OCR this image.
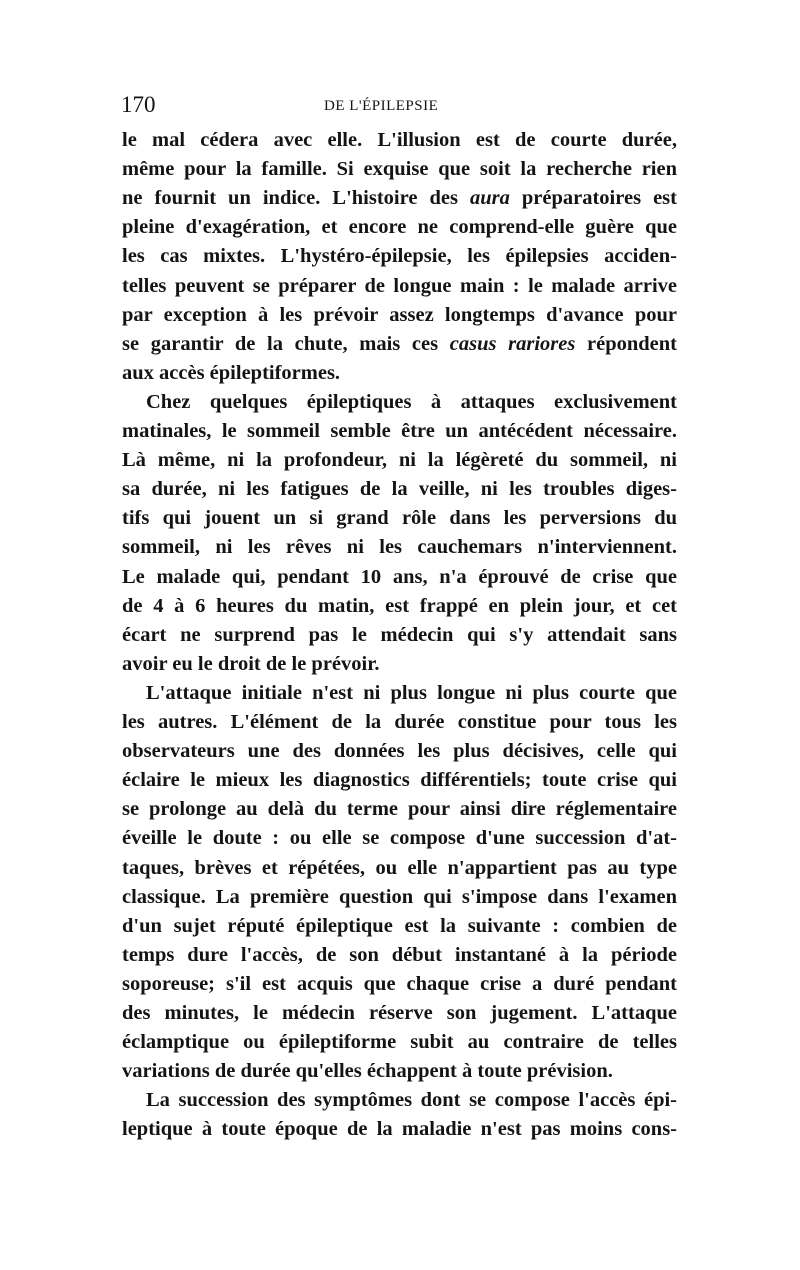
170	DE L'ÉPILEPSIE
le mal cédera avec elle. L'illusion est de courte durée,
même pour la famille. Si exquise que soit la recherche rien
ne fournit un indice. L'histoire des aura préparatoires est
pleine d'exagération, et encore ne comprend-elle guère que
les cas mixtes. L'hystéro-épilepsie, les épilepsies acciden-
telles peuvent se préparer de longue main : le malade arrive
par exception à les prévoir assez longtemps d'avance pour
se garantir de la chute, mais ces casus rariores répondent
aux accès épileptiformes.
Chez quelques épileptiques à attaques exclusivement
matinales, le sommeil semble être un antécédent nécessaire.
Là même, ni la profondeur, ni la légèreté du sommeil, ni
sa durée, ni les fatigues de la veille, ni les troubles diges-
tifs qui jouent un si grand rôle dans les perversions du
sommeil, ni les rêves ni les cauchemars n'interviennent.
Le malade qui, pendant 10 ans, n'a éprouvé de crise que
de 4 à 6 heures du matin, est frappé en plein jour, et cet
écart ne surprend pas le médecin qui s'y attendait sans
avoir eu le droit de le prévoir.
L'attaque initiale n'est ni plus longue ni plus courte que
les autres. L'élément de la durée constitue pour tous les
observateurs une des données les plus décisives, celle qui
éclaire le mieux les diagnostics différentiels; toute crise qui
se prolonge au delà du terme pour ainsi dire réglementaire
éveille le doute : ou elle se compose d'une succession d'at-
taques, brèves et répétées, ou elle n'appartient pas au type
classique. La première question qui s'impose dans l'examen
d'un sujet réputé épileptique est la suivante : combien de
temps dure l'accès, de son début instantané à la période
soporeuse; s'il est acquis que chaque crise a duré pendant
des minutes, le médecin réserve son jugement. L'attaque
éclamptique ou épileptiforme subit au contraire de telles
variations de durée qu'elles échappent à toute prévision.
La succession des symptômes dont se compose l'accès épi-
leptique à toute époque de la maladie n'est pas moins cons-
